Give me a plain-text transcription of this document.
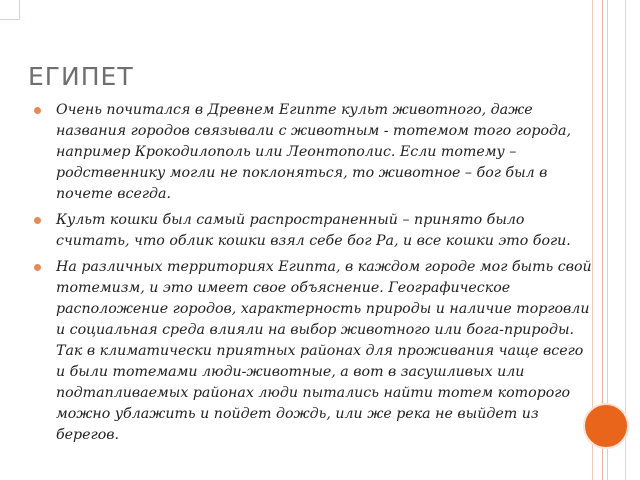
ЕГИПЕТ
Очень почитался в Древнем Египте культ животного, даже названия городов связывали с животным - тотемом того города, например Крокодилополь или Леонтополис. Если тотему – родственнику могли не поклоняться, то животное – бог был в почете всегда.
Культ кошки был самый распространенный – принято было считать, что облик кошки взял себе бог Ра, и все кошки это боги.
На различных территориях Египта, в каждом городе мог быть свой тотемизм, и это имеет свое объяснение. Географическое расположение городов, характерность природы и наличие торговли и социальная среда влияли на выбор животного или бога-природы. Так в климатически приятных районах для проживания чаще всего и были тотемами люди-животные, а вот в засушливых или подтапливаемых районах люди пытались найти тотем которого можно ублажить и пойдет дождь, или же река не выйдет из берегов.
